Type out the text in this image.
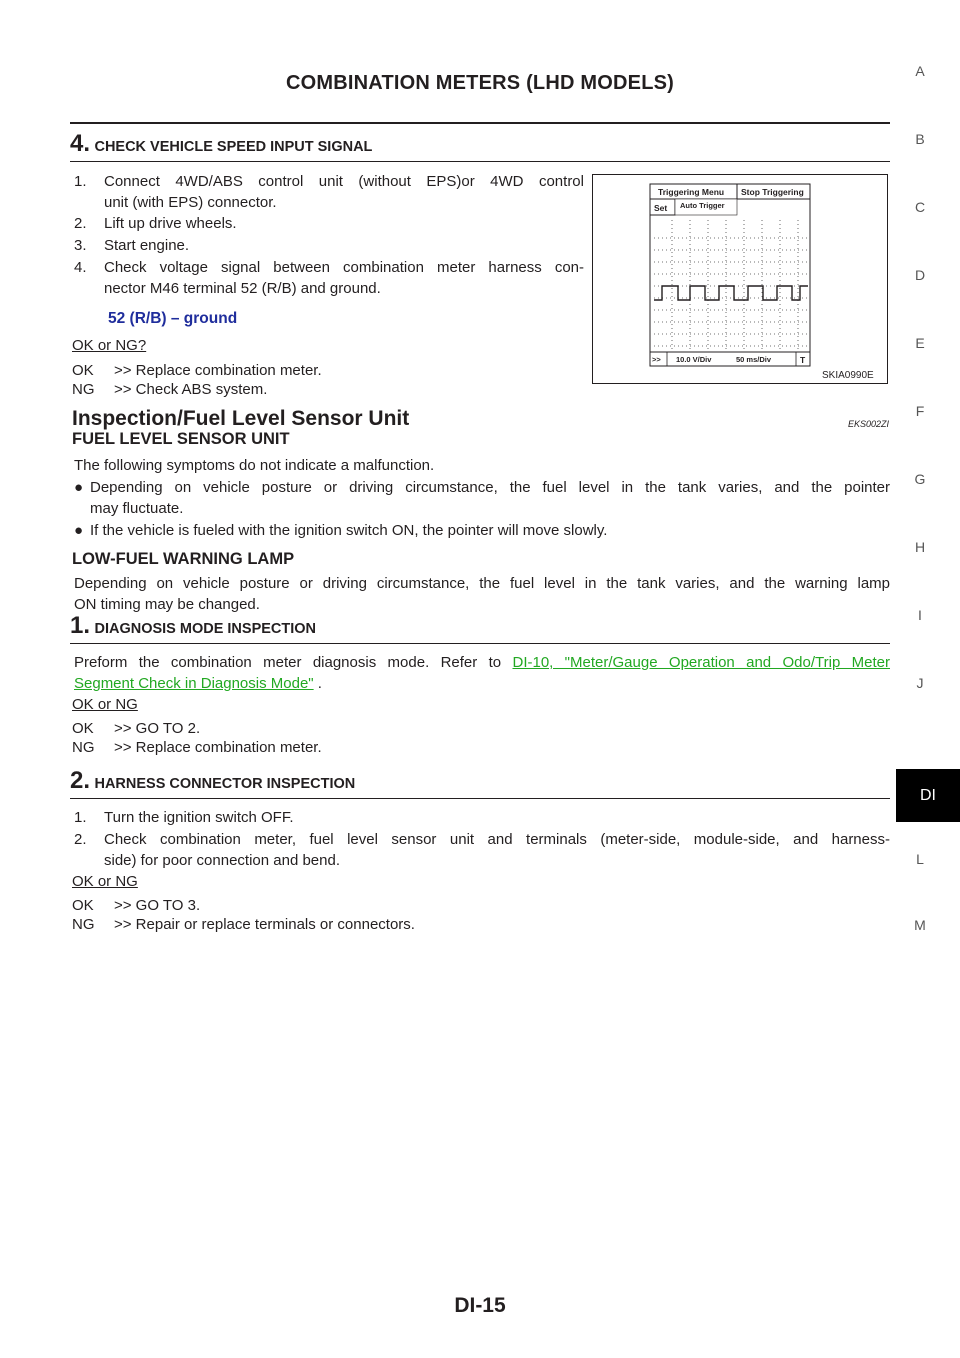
COMBINATION METERS (LHD MODELS)
A
B
C
D
E
F
G
H
I
J
DI
L
M
4. CHECK VEHICLE SPEED INPUT SIGNAL
1. Connect 4WD/ABS control unit (without EPS)or 4WD control
unit (with EPS) connector.
2. Lift up drive wheels.
3. Start engine.
4. Check voltage signal between combination meter harness con-
nector M46 terminal 52 (R/B) and ground.
52 (R/B) – ground
OK or NG?
OK >> Replace combination meter.
NG >> Check ABS system.
Triggering Menu Stop Triggering
Set Auto Trigger
>> 10.0 V/Div	50 ms/Div	T
SKIA0990E
Inspection/Fuel Level Sensor Unit	EKS002ZI
FUEL LEVEL SENSOR UNIT
The following symptoms do not indicate a malfunction.
● Depending on vehicle posture or driving circumstance, the fuel level in the tank varies, and the pointer
may fluctuate.
● If the vehicle is fueled with the ignition switch ON, the pointer will move slowly.
LOW-FUEL WARNING LAMP
Depending on vehicle posture or driving circumstance, the fuel level in the tank varies, and the warning lamp
ON timing may be changed.
1. DIAGNOSIS MODE INSPECTION
Preform the combination meter diagnosis mode. Refer to DI-10, "Meter/Gauge Operation and Odo/Trip Meter
Segment Check in Diagnosis Mode" .
OK or NG
OK >> GO TO 2.
NG >> Replace combination meter.
2. HARNESS CONNECTOR INSPECTION
1. Turn the ignition switch OFF.
2. Check combination meter, fuel level sensor unit and terminals (meter-side, module-side, and harness-
side) for poor connection and bend.
OK or NG
OK >> GO TO 3.
NG >> Repair or replace terminals or connectors.
DI-15
